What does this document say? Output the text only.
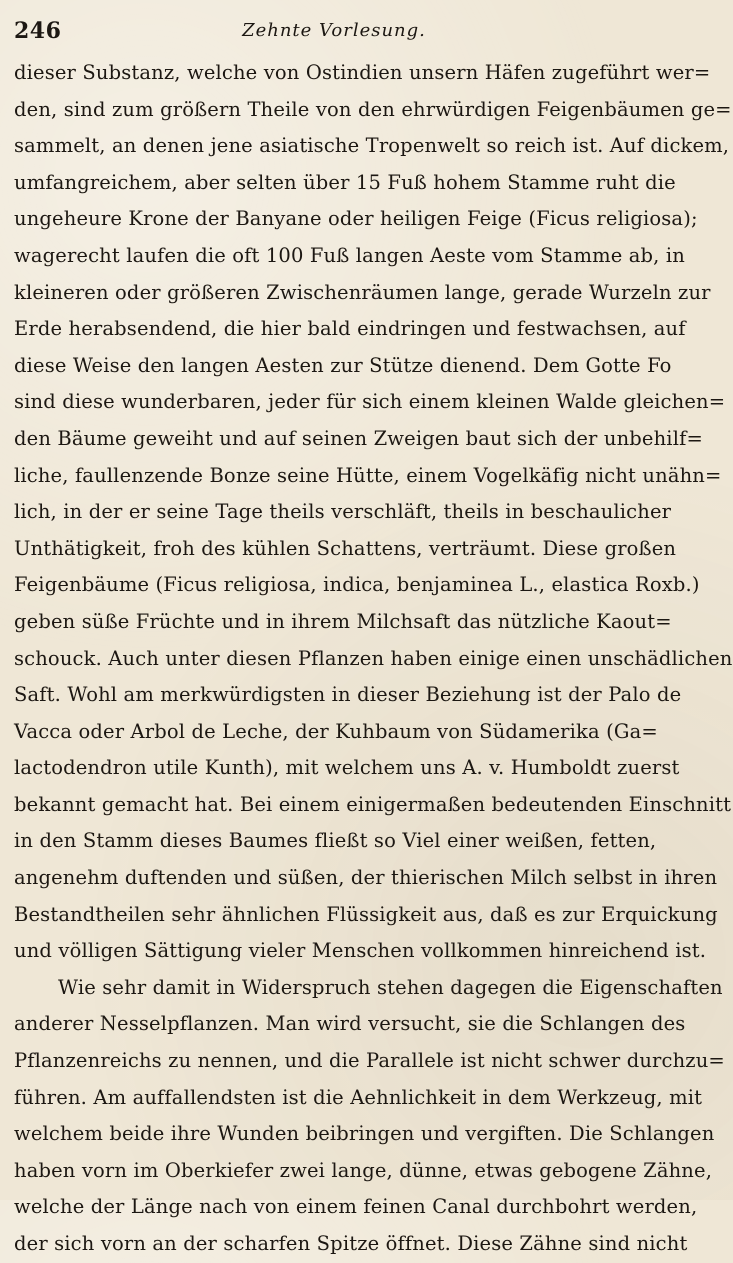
246	Zehnte Vorlesung.
dieser Substanz, welche von Ostindien unsern Häfen zugeführt wer=
den, sind zum größern Theile von den ehrwürdigen Feigenbäumen ge=
sammelt, an denen jene asiatische Tropenwelt so reich ist. Auf dickem,
umfangreichem, aber selten über 15 Fuß hohem Stamme ruht die
ungeheure Krone der Banyane oder heiligen Feige (Ficus religiosa);
wagerecht laufen die oft 100 Fuß langen Aeste vom Stamme ab, in
kleineren oder größeren Zwischenräumen lange, gerade Wurzeln zur
Erde herabsendend, die hier bald eindringen und festwachsen, auf
diese Weise den langen Aesten zur Stütze dienend. Dem Gotte Fo
sind diese wunderbaren, jeder für sich einem kleinen Walde gleichen=
den Bäume geweiht und auf seinen Zweigen baut sich der unbehilf=
liche, faullenzende Bonze seine Hütte, einem Vogelkäfig nicht unähn=
lich, in der er seine Tage theils verschläft, theils in beschaulicher
Unthätigkeit, froh des kühlen Schattens, verträumt. Diese großen
Feigenbäume (Ficus religiosa, indica, benjaminea L., elastica Roxb.)
geben süße Früchte und in ihrem Milchsaft das nützliche Kaout=
schouck. Auch unter diesen Pflanzen haben einige einen unschädlichen
Saft. Wohl am merkwürdigsten in dieser Beziehung ist der Palo de
Vacca oder Arbol de Leche, der Kuhbaum von Südamerika (Ga=
lactodendron utile Kunth), mit welchem uns A. v. Humboldt zuerst
bekannt gemacht hat. Bei einem einigermaßen bedeutenden Einschnitt
in den Stamm dieses Baumes fließt so Viel einer weißen, fetten,
angenehm duftenden und süßen, der thierischen Milch selbst in ihren
Bestandtheilen sehr ähnlichen Flüssigkeit aus, daß es zur Erquickung
und völligen Sättigung vieler Menschen vollkommen hinreichend ist.
Wie sehr damit in Widerspruch stehen dagegen die Eigenschaften
anderer Nesselpflanzen. Man wird versucht, sie die Schlangen des
Pflanzenreichs zu nennen, und die Parallele ist nicht schwer durchzu=
führen. Am auffallendsten ist die Aehnlichkeit in dem Werkzeug, mit
welchem beide ihre Wunden beibringen und vergiften. Die Schlangen
haben vorn im Oberkiefer zwei lange, dünne, etwas gebogene Zähne,
welche der Länge nach von einem feinen Canal durchbohrt werden,
der sich vorn an der scharfen Spitze öffnet. Diese Zähne sind nicht
